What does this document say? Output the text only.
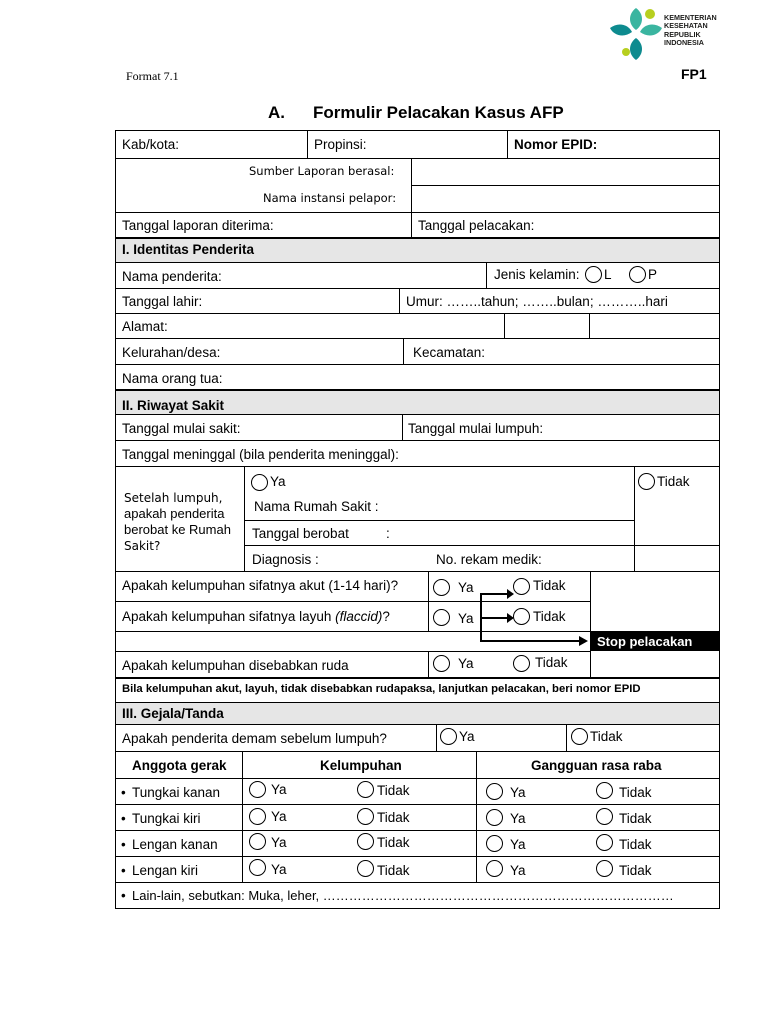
KEMENTERIAN
KESEHATAN
REPUBLIK
INDONESIA
Format 7.1	FP1
A. Formulir Pelacakan Kasus AFP
Kab/kota:	Propinsi:	Nomor EPID:
Sumber Laporan berasal:
Nama instansi pelapor:
Tanggal laporan diterima:	Tanggal pelacakan:
I. Identitas Penderita
Nama penderita:	Jenis kelamin: L	P
Tanggal lahir:	Umur: ……..tahun; ……..bulan; ………..hari
Alamat:
Kelurahan/desa:	Kecamatan:
Nama orang tua:
II. Riwayat Sakit
Tanggal mulai sakit:	Tanggal mulai lumpuh:
Tanggal meninggal (bila penderita meninggal):
Setelah lumpuh,
apakah penderita
berobat ke Rumah
Sakit?
Ya	Tidak
Nama Rumah Sakit :
Tanggal berobat	:
Diagnosis :	No. rekam medik:
Apakah kelumpuhan sifatnya akut (1-14 hari)?	Ya	Tidak
Apakah kelumpuhan sifatnya layuh (flaccid)?	Ya	Tidak
Stop pelacakan
Apakah kelumpuhan disebabkan ruda	Ya	Tidak
Bila kelumpuhan akut, layuh, tidak disebabkan rudapaksa, lanjutkan pelacakan, beri nomor EPID
III. Gejala/Tanda
Apakah penderita demam sebelum lumpuh?	Ya	Tidak
Anggota gerak	Kelumpuhan	Gangguan rasa raba
• Tungkai kanan	Ya	Tidak	Ya	Tidak
• Tungkai kiri	Ya	Tidak	Ya	Tidak
• Lengan kanan	Ya	Tidak	Ya	Tidak
• Lengan kiri	Ya	Tidak	Ya	Tidak
• Lain-lain, sebutkan: Muka, leher, ………………………………………………………………………
